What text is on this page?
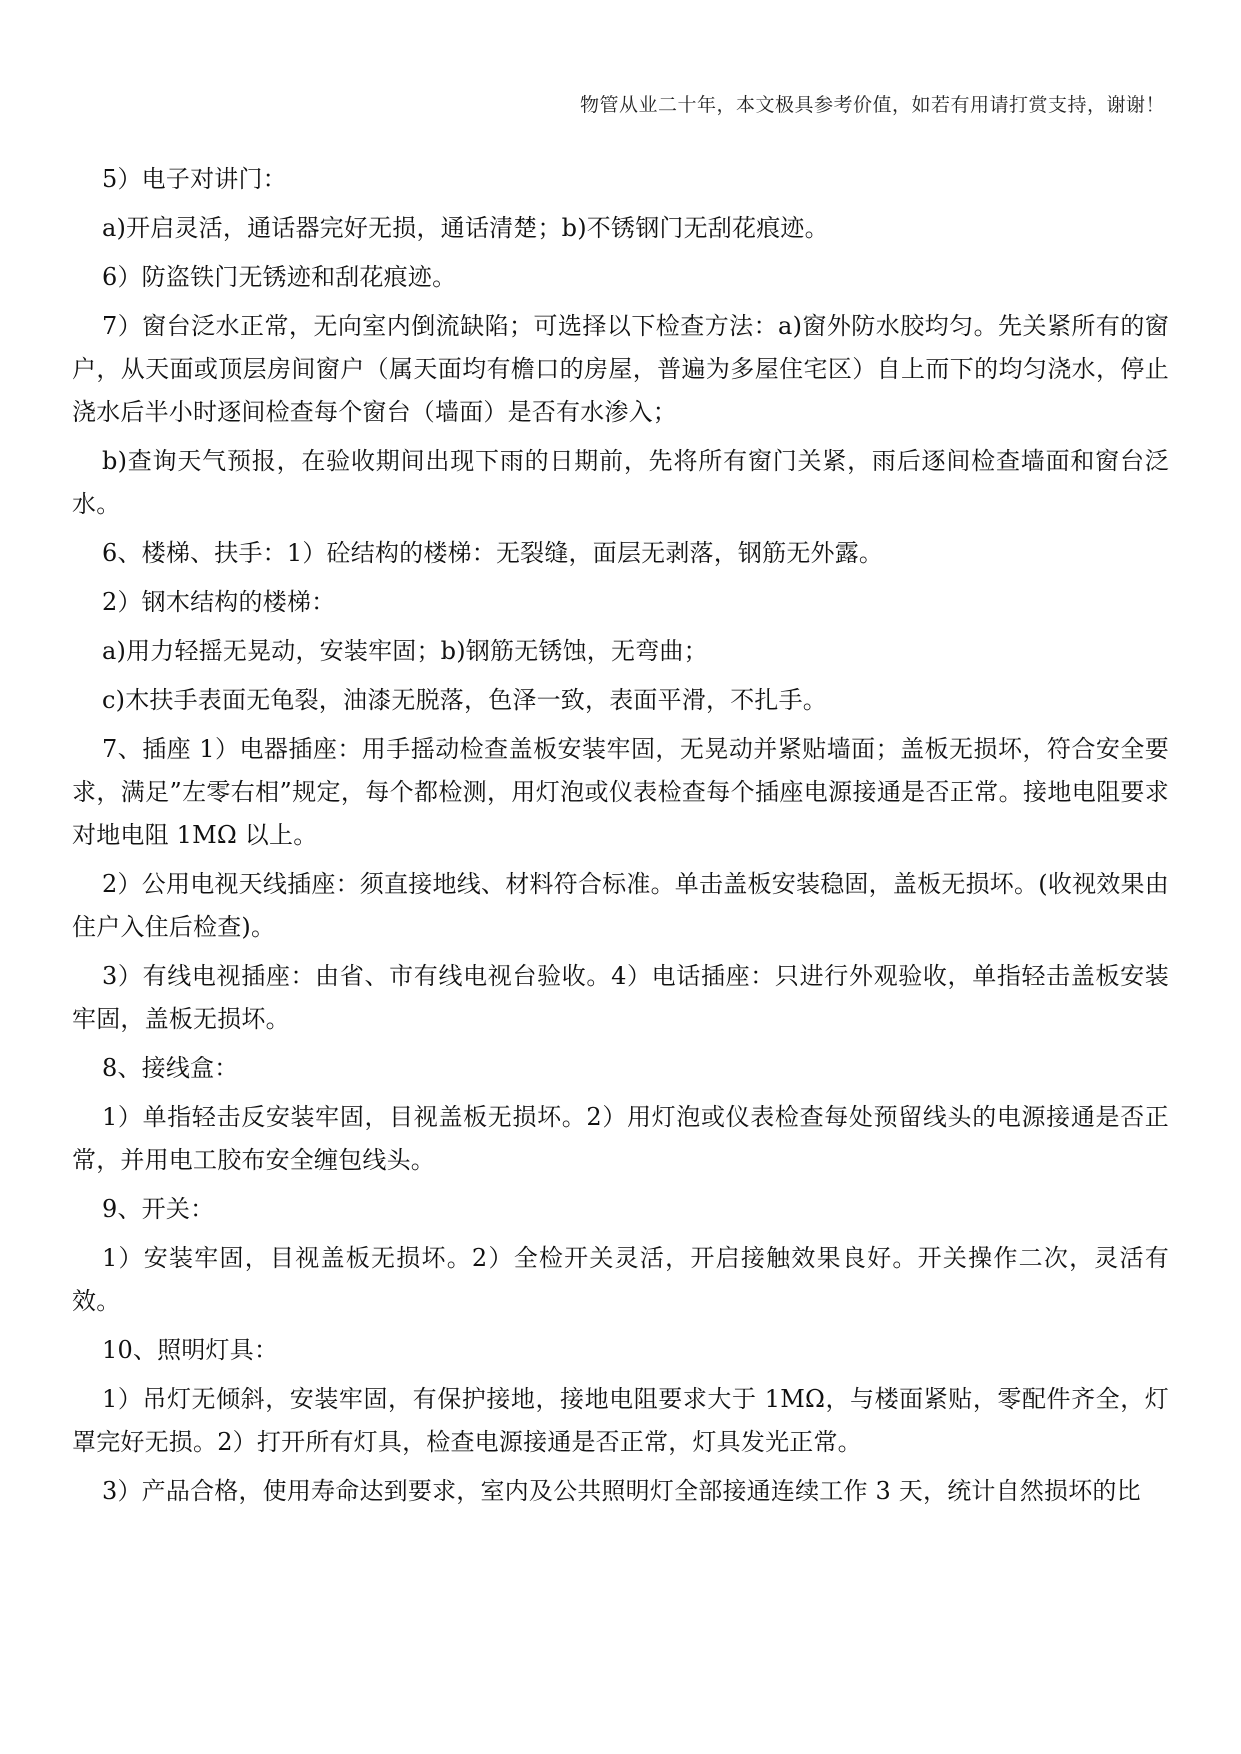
物管从业二十年，本文极具参考价值，如若有用请打赏支持，谢谢！

5）电子对讲门：

a)开启灵活，通话器完好无损，通话清楚；b)不锈钢门无刮花痕迹。

6）防盗铁门无锈迹和刮花痕迹。

7）窗台泛水正常，无向室内倒流缺陷；可选择以下检查方法：a)窗外防水胶均匀。先关紧所有的窗户，从天面或顶层房间窗户（属天面均有檐口的房屋，普遍为多屋住宅区）自上而下的均匀浇水，停止浇水后半小时逐间检查每个窗台（墙面）是否有水渗入；

b)查询天气预报，在验收期间出现下雨的日期前，先将所有窗门关紧，雨后逐间检查墙面和窗台泛水。

6、楼梯、扶手：1）砼结构的楼梯：无裂缝，面层无剥落，钢筋无外露。

2）钢木结构的楼梯：

a)用力轻摇无晃动，安装牢固；b)钢筋无锈蚀，无弯曲；

c)木扶手表面无龟裂，油漆无脱落，色泽一致，表面平滑，不扎手。

7、插座 1）电器插座：用手摇动检查盖板安装牢固，无晃动并紧贴墙面；盖板无损坏，符合安全要求，满足”左零右相”规定，每个都检测，用灯泡或仪表检查每个插座电源接通是否正常。接地电阻要求对地电阻 1MΩ 以上。

2）公用电视天线插座：须直接地线、材料符合标准。单击盖板安装稳固，盖板无损坏。(收视效果由住户入住后检查)。

3）有线电视插座：由省、市有线电视台验收。4）电话插座：只进行外观验收，单指轻击盖板安装牢固，盖板无损坏。

8、接线盒：

1）单指轻击反安装牢固，目视盖板无损坏。2）用灯泡或仪表检查每处预留线头的电源接通是否正常，并用电工胶布安全缠包线头。

9、开关：

1）安装牢固，目视盖板无损坏。2）全检开关灵活，开启接触效果良好。开关操作二次，灵活有效。

10、照明灯具：

1）吊灯无倾斜，安装牢固，有保护接地，接地电阻要求大于 1MΩ，与楼面紧贴，零配件齐全，灯罩完好无损。2）打开所有灯具，检查电源接通是否正常，灯具发光正常。

3）产品合格，使用寿命达到要求，室内及公共照明灯全部接通连续工作 3 天，统计自然损坏的比
